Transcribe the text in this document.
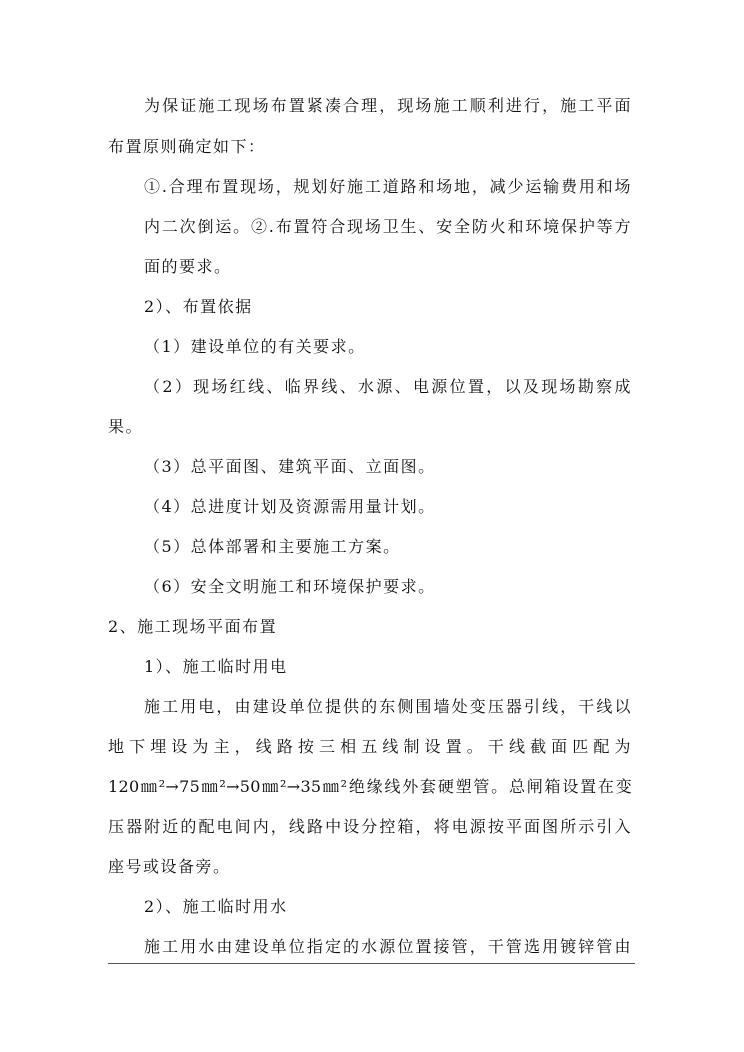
为保证施工现场布置紧凑合理，现场施工顺利进行，施工平面
布置原则确定如下：
①.合理布置现场，规划好施工道路和场地，减少运输费用和场
内二次倒运。②.布置符合现场卫生、安全防火和环境保护等方
面的要求。
2）、布置依据
（1）建设单位的有关要求。
（2）现场红线、临界线、水源、电源位置，以及现场勘察成
果。
（3）总平面图、建筑平面、立面图。
（4）总进度计划及资源需用量计划。
（5）总体部署和主要施工方案。
（6）安全文明施工和环境保护要求。
2、施工现场平面布置
1）、施工临时用电
施工用电，由建设单位提供的东侧围墙处变压器引线，干线以
地下埋设为主，线路按三相五线制设置。干线截面匹配为
120㎜²→75㎜²→50㎜²→35㎜²绝缘线外套硬塑管。总闸箱设置在变
压器附近的配电间内，线路中设分控箱，将电源按平面图所示引入
座号或设备旁。
2）、施工临时用水
施工用水由建设单位指定的水源位置接管，干管选用镀锌管由
